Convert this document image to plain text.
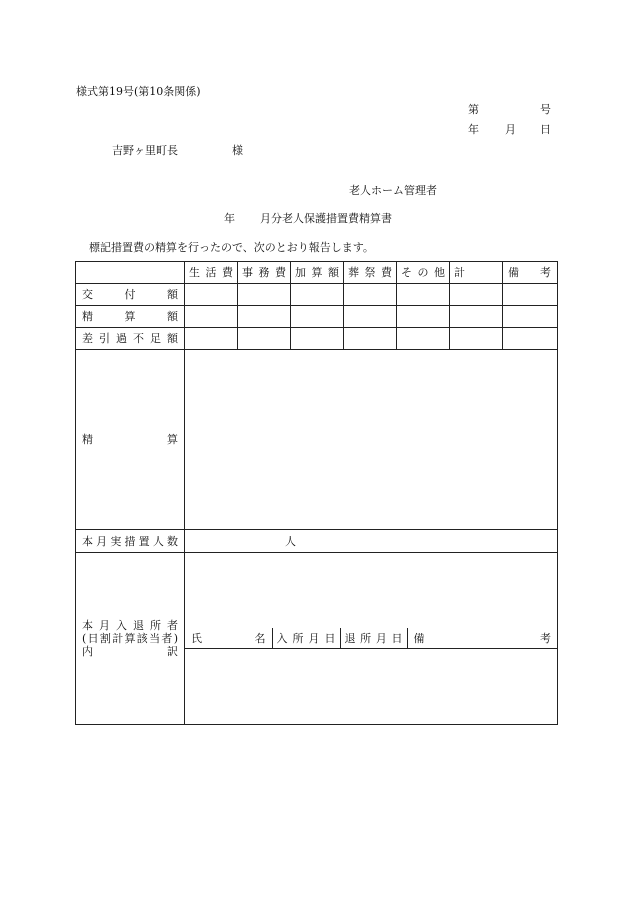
様式第19号(第10条関係)
第	号
年 月 日
吉野ヶ里町長	様
老人ホーム管理者
年 月分老人保護措置費精算書
標記措置費の精算を行ったので、次のとおり報告します。
	生活費	事務費	加算額	葬祭費	その他	計	備考
交付額							
精算額							
差引過不足額							
精算	
本月実措置人数	人

本月入退所者
(日割計算該当者)
内訳

氏名	入所月日	退所月日	備考
